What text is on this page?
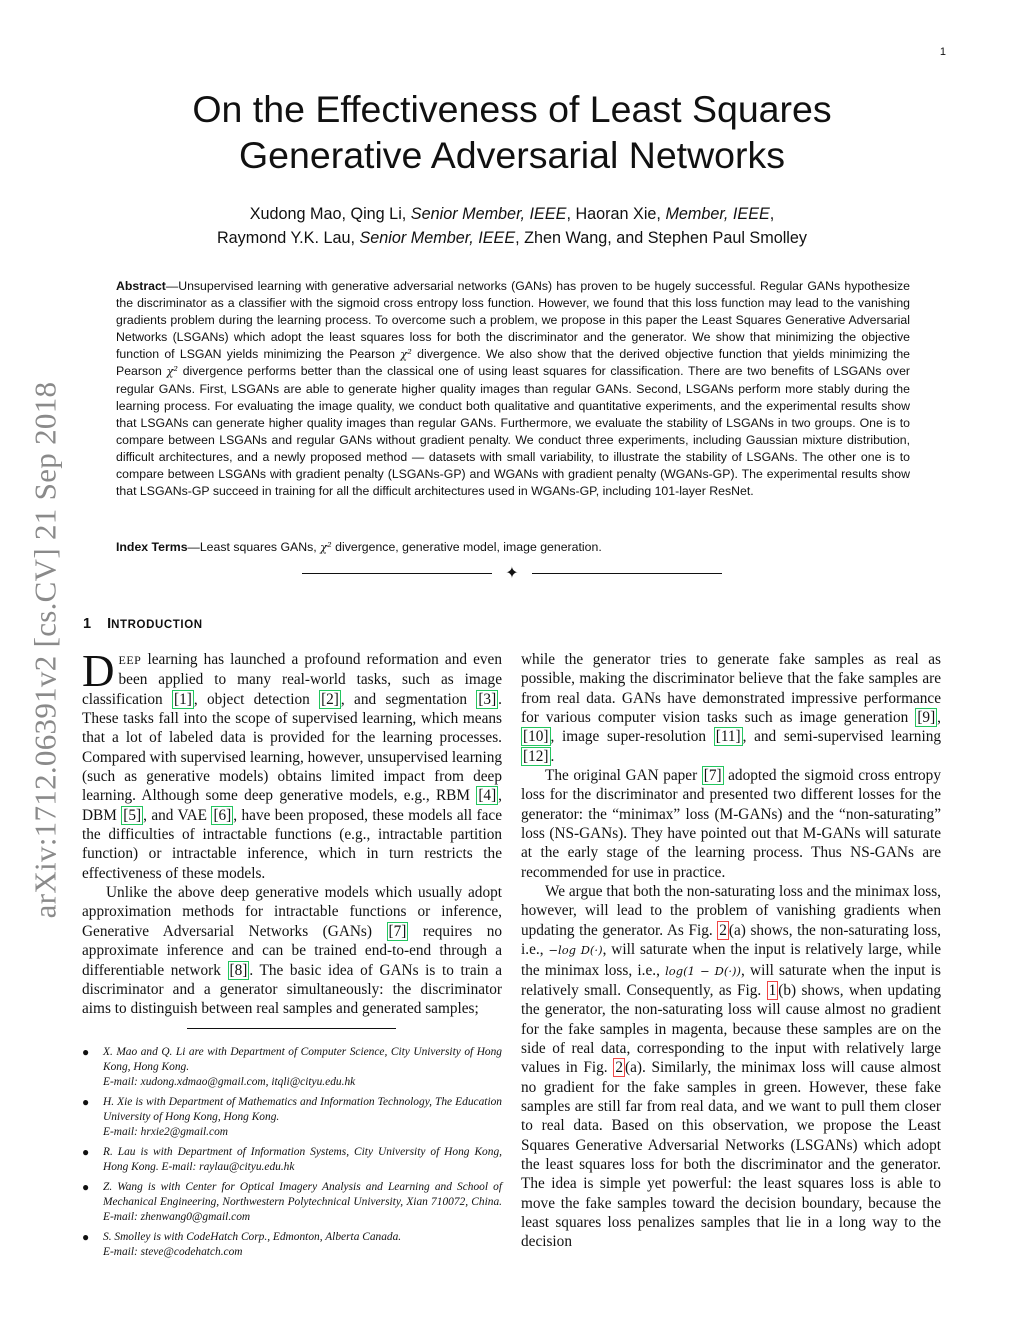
1
arXiv:1712.06391v2 [cs.CV] 21 Sep 2018
On the Effectiveness of Least Squares
Generative Adversarial Networks
Xudong Mao, Qing Li, Senior Member, IEEE, Haoran Xie, Member, IEEE,
Raymond Y.K. Lau, Senior Member, IEEE, Zhen Wang, and Stephen Paul Smolley

Abstract—Unsupervised learning with generative adversarial networks (GANs) has proven to be hugely successful. Regular GANs hypothesize the discriminator as a classifier with the sigmoid cross entropy loss function. However, we found that this loss function may lead to the vanishing gradients problem during the learning process. To overcome such a problem, we propose in this paper the Least Squares Generative Adversarial Networks (LSGANs) which adopt the least squares loss for both the discriminator and the generator. We show that minimizing the objective function of LSGAN yields minimizing the Pearson χ² divergence. We also show that the derived objective function that yields minimizing the Pearson χ² divergence performs better than the classical one of using least squares for classification. There are two benefits of LSGANs over regular GANs. First, LSGANs are able to generate higher quality images than regular GANs. Second, LSGANs perform more stably during the learning process. For evaluating the image quality, we conduct both qualitative and quantitative experiments, and the experimental results show that LSGANs can generate higher quality images than regular GANs. Furthermore, we evaluate the stability of LSGANs in two groups. One is to compare between LSGANs and regular GANs without gradient penalty. We conduct three experiments, including Gaussian mixture distribution, difficult architectures, and a newly proposed method — datasets with small variability, to illustrate the stability of LSGANs. The other one is to compare between LSGANs with gradient penalty (LSGANs-GP) and WGANs with gradient penalty (WGANs-GP). The experimental results show that LSGANs-GP succeed in training for all the difficult architectures used in WGANs-GP, including 101-layer ResNet.

Index Terms—Least squares GANs, χ² divergence, generative model, image generation.

✦
1 INTRODUCTION

DEEP learning has launched a profound reformation and even been applied to many real-world tasks, such as image classification [1] , object detection [2] , and segmentation [3] . These tasks fall into the scope of supervised learning, which means that a lot of labeled data is provided for the learning processes. Compared with supervised learning, however, unsupervised learning (such as generative models) obtains limited impact from deep learning. Although some deep generative models, e.g., RBM [4] , DBM [5] , and VAE [6] , have been proposed, these models all face the difficulties of intractable functions (e.g., intractable partition function) or intractable inference, which in turn restricts the effectiveness of these models.

Unlike the above deep generative models which usually adopt approximation methods for intractable functions or inference, Generative Adversarial Networks (GANs) [7] requires no approximate inference and can be trained end-to-end through a differentiable network [8] . The basic idea of GANs is to train a discriminator and a generator simultaneously: the discriminator aims to distinguish between real samples and generated samples;

● X. Mao and Q. Li are with Department of Computer Science, City University of Hong Kong, Hong Kong.
E-mail: xudong.xdmao@gmail.com, itqli@cityu.edu.hk
● H. Xie is with Department of Mathematics and Information Technology, The Education University of Hong Kong, Hong Kong.
E-mail: hrxie2@gmail.com
● R. Lau is with Department of Information Systems, City University of Hong Kong, Hong Kong. E-mail: raylau@cityu.edu.hk
● Z. Wang is with Center for Optical Imagery Analysis and Learning and School of Mechanical Engineering, Northwestern Polytechnical University, Xian 710072, China. E-mail: zhenwang0@gmail.com
● S. Smolley is with CodeHatch Corp., Edmonton, Alberta Canada.
E-mail: steve@codehatch.com

while the generator tries to generate fake samples as real as possible, making the discriminator believe that the fake samples are from real data. GANs have demonstrated impressive performance for various computer vision tasks such as image generation [9] , [10] , image super-resolution [11] , and semi-supervised learning [12] .

The original GAN paper [7] adopted the sigmoid cross entropy loss for the discriminator and presented two different losses for the generator: the “minimax” loss (M-GANs) and the “non-saturating” loss (NS-GANs). They have pointed out that M-GANs will saturate at the early stage of the learning process. Thus NS-GANs are recommended for use in practice.

We argue that both the non-saturating loss and the minimax loss, however, will lead to the problem of vanishing gradients when updating the generator. As Fig. 2 (a) shows, the non-saturating loss, i.e., −log D(·), will saturate when the input is relatively large, while the minimax loss, i.e., log(1 − D(·)), will saturate when the input is relatively small. Consequently, as Fig. 1 (b) shows, when updating the generator, the non-saturating loss will cause almost no gradient for the fake samples in magenta, because these samples are on the side of real data, corresponding to the input with relatively large values in Fig. 2 (a). Similarly, the minimax loss will cause almost no gradient for the fake samples in green. However, these fake samples are still far from real data, and we want to pull them closer to real data. Based on this observation, we propose the Least Squares Generative Adversarial Networks (LSGANs) which adopt the least squares loss for both the discriminator and the generator. The idea is simple yet powerful: the least squares loss is able to move the fake samples toward the decision boundary, because the least squares loss penalizes samples that lie in a long way to the decision
